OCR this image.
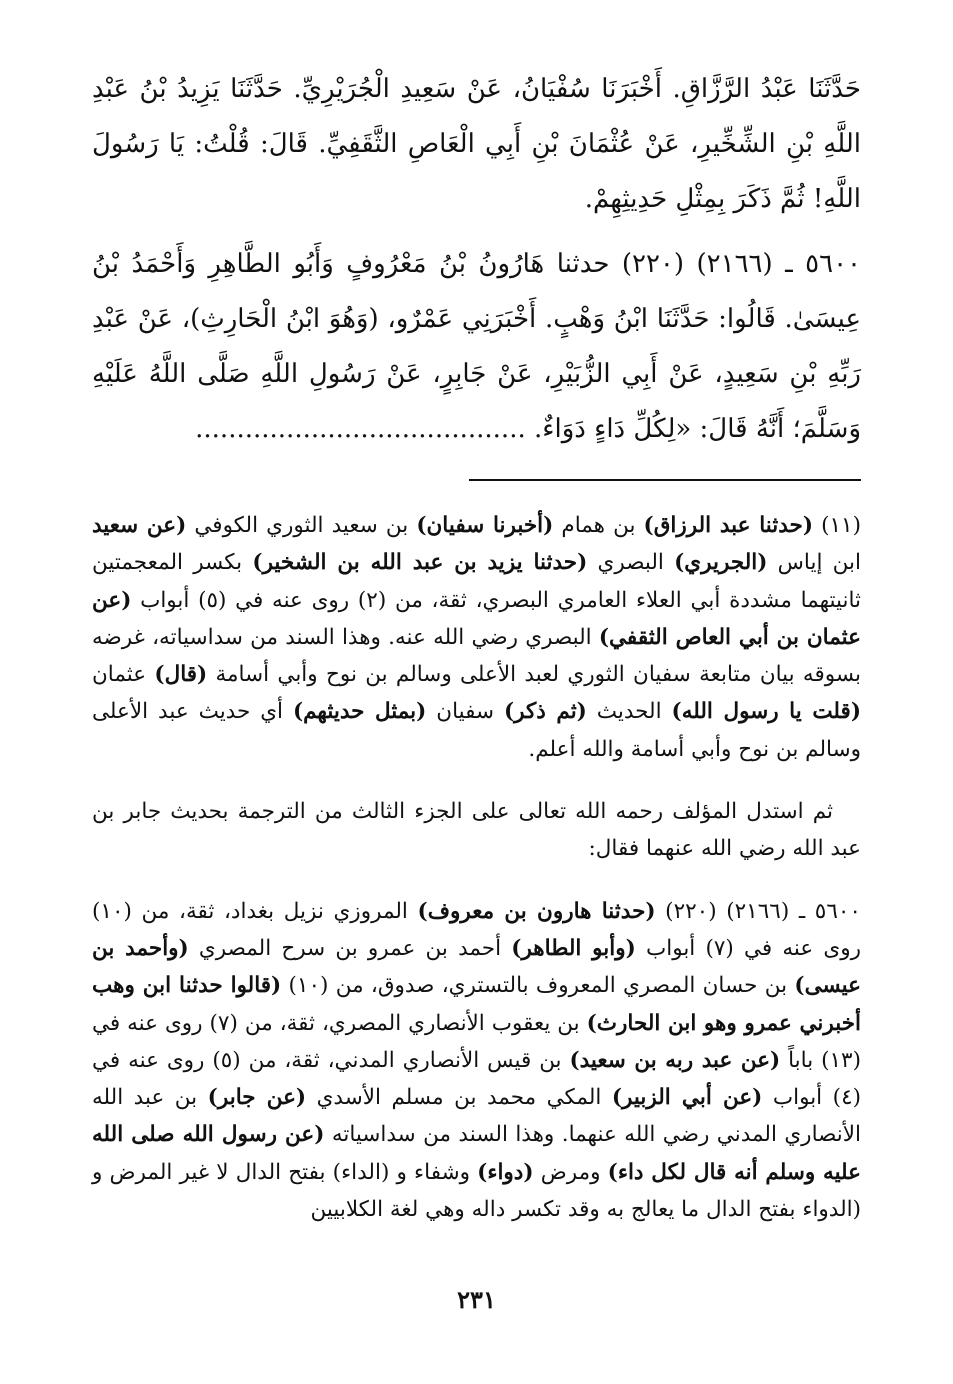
حَدَّثَنَا عَبْدُ الرَّزَّاقِ. أَخْبَرَنَا سُفْيَانُ، عَنْ سَعِيدِ الْجُرَيْرِيِّ. حَدَّثَنَا يَزِيدُ بْنُ عَبْدِ اللَّهِ بْنِ الشِّخِّيرِ، عَنْ عُثْمَانَ بْنِ أَبِي الْعَاصِ الثَّقَفِيِّ. قَالَ: قُلْتُ: يَا رَسُولَ اللَّهِ! ثُمَّ ذَكَرَ بِمِثْلِ حَدِيثِهِمْ.

٥٦٠٠ ـ (٢١٦٦) (٢٢٠) حدثنا هَارُونُ بْنُ مَعْرُوفٍ وَأَبُو الطَّاهِرِ وَأَحْمَدُ بْنُ عِيسَىٰ. قَالُوا: حَدَّثَنَا ابْنُ وَهْبٍ. أَخْبَرَنِي عَمْرٌو، (وَهُوَ ابْنُ الْحَارِثِ)، عَنْ عَبْدِ رَبِّهِ بْنِ سَعِيدٍ، عَنْ أَبِي الزُّبَيْرِ، عَنْ جَابِرٍ، عَنْ رَسُولِ اللَّهِ صَلَّى اللَّهُ عَلَيْهِ وَسَلَّمَ؛ أَنَّهُ قَالَ: «لِكُلِّ دَاءٍ دَوَاءٌ. ........................................

(١١) (حدثنا عبد الرزاق) بن همام (أخبرنا سفيان) بن سعيد الثوري الكوفي (عن سعيد ابن إياس (الجريري) البصري (حدثنا يزيد بن عبد الله بن الشخير) بكسر المعجمتين ثانيتهما مشددة أبي العلاء العامري البصري، ثقة، من (٢) روى عنه في (٥) أبواب (عن عثمان بن أبي العاص الثقفي) البصري رضي الله عنه. وهذا السند من سداسياته، غرضه بسوقه بيان متابعة سفيان الثوري لعبد الأعلى وسالم بن نوح وأبي أسامة (قال) عثمان (قلت يا رسول الله) الحديث (ثم ذكر) سفيان (بمثل حديثهم) أي حديث عبد الأعلى وسالم بن نوح وأبي أسامة والله أعلم.

ثم استدل المؤلف رحمه الله تعالى على الجزء الثالث من الترجمة بحديث جابر بن عبد الله رضي الله عنهما فقال:

٥٦٠٠ ـ (٢١٦٦) (٢٢٠) (حدثنا هارون بن معروف) المروزي نزيل بغداد، ثقة، من (١٠) روى عنه في (٧) أبواب (وأبو الطاهر) أحمد بن عمرو بن سرح المصري (وأحمد بن عيسى) بن حسان المصري المعروف بالتستري، صدوق، من (١٠) (قالوا حدثنا ابن وهب أخبرني عمرو وهو ابن الحارث) بن يعقوب الأنصاري المصري، ثقة، من (٧) روى عنه في (١٣) باباً (عن عبد ربه بن سعيد) بن قيس الأنصاري المدني، ثقة، من (٥) روى عنه في (٤) أبواب (عن أبي الزبير) المكي محمد بن مسلم الأسدي (عن جابر) بن عبد الله الأنصاري المدني رضي الله عنهما. وهذا السند من سداسياته (عن رسول الله صلى الله عليه وسلم أنه قال لكل داء) ومرض (دواء) وشفاء و (الداء) بفتح الدال لا غير المرض و (الدواء بفتح الدال ما يعالج به وقد تكسر داله وهي لغة الكلابيين

٢٣١
